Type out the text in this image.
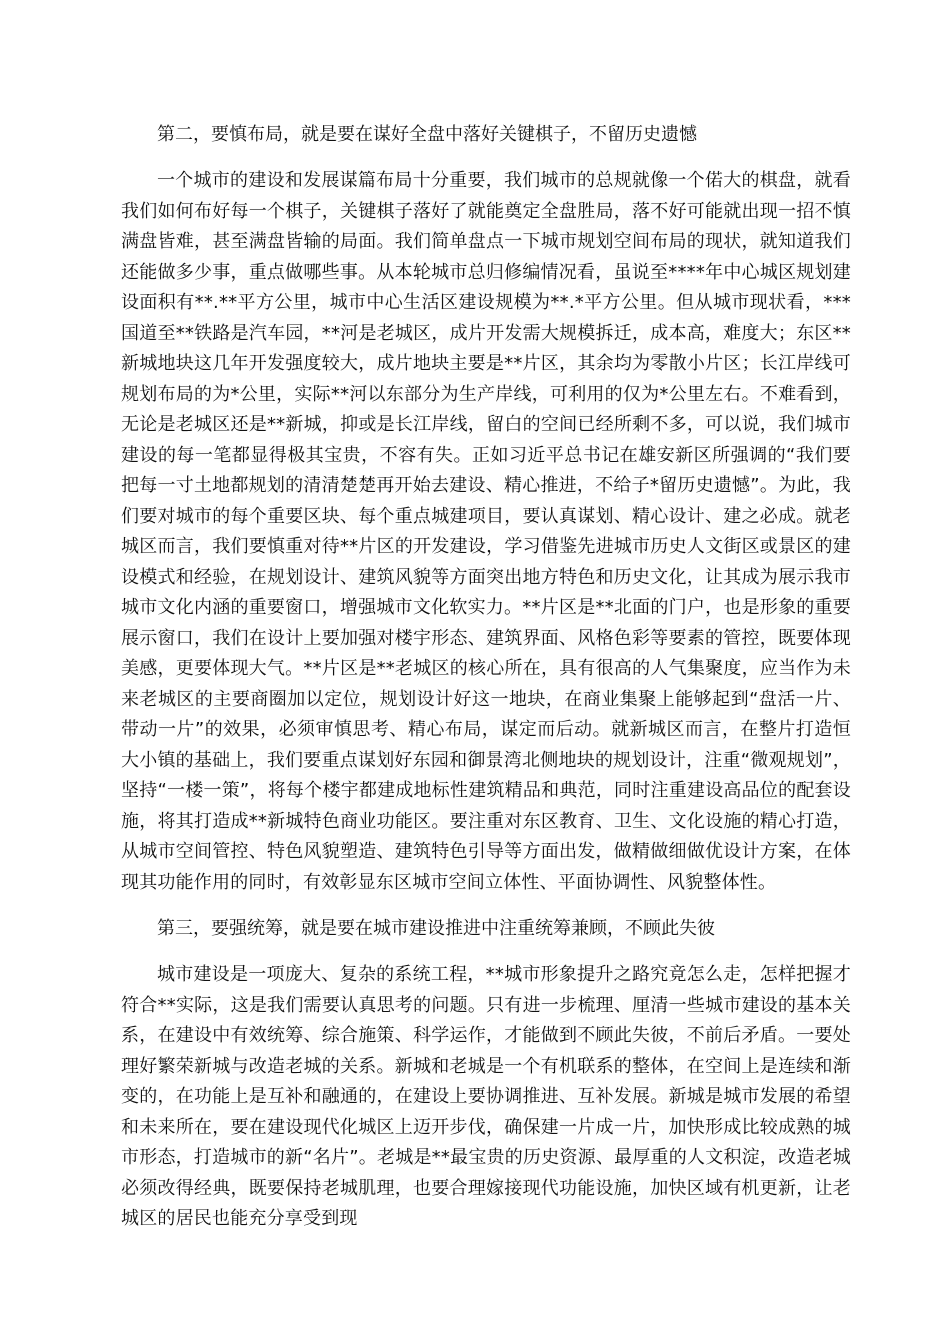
第二，要慎布局，就是要在谋好全盘中落好关键棋子，不留历史遗憾

一个城市的建设和发展谋篇布局十分重要，我们城市的总规就像一个偌大的棋盘，就看我们如何布好每一个棋子，关键棋子落好了就能奠定全盘胜局，落不好可能就出现一招不慎满盘皆难，甚至满盘皆输的局面。我们简单盘点一下城市规划空间布局的现状，就知道我们还能做多少事，重点做哪些事。从本轮城市总归修编情况看，虽说至****年中心城区规划建设面积有**.**平方公里，城市中心生活区建设规模为**.*平方公里。但从城市现状看，***国道至**铁路是汽车园，**河是老城区，成片开发需大规模拆迁，成本高，难度大；东区**新城地块这几年开发强度较大，成片地块主要是**片区，其余均为零散小片区；长江岸线可规划布局的为*公里，实际**河以东部分为生产岸线，可利用的仅为*公里左右。不难看到，无论是老城区还是**新城，抑或是长江岸线，留白的空间已经所剩不多，可以说，我们城市建设的每一笔都显得极其宝贵，不容有失。正如习近平总书记在雄安新区所强调的“我们要把每一寸土地都规划的清清楚楚再开始去建设、精心推进，不给子*留历史遗憾”。为此，我们要对城市的每个重要区块、每个重点城建项目，要认真谋划、精心设计、建之必成。就老城区而言，我们要慎重对待**片区的开发建设，学习借鉴先进城市历史人文街区或景区的建设模式和经验，在规划设计、建筑风貌等方面突出地方特色和历史文化，让其成为展示我市城市文化内涵的重要窗口，增强城市文化软实力。**片区是**北面的门户，也是形象的重要展示窗口，我们在设计上要加强对楼宇形态、建筑界面、风格色彩等要素的管控，既要体现美感，更要体现大气。**片区是**老城区的核心所在，具有很高的人气集聚度，应当作为未来老城区的主要商圈加以定位，规划设计好这一地块，在商业集聚上能够起到“盘活一片、带动一片”的效果，必须审慎思考、精心布局，谋定而后动。就新城区而言，在整片打造恒大小镇的基础上，我们要重点谋划好东园和御景湾北侧地块的规划设计，注重“微观规划”，坚持“一楼一策”，将每个楼宇都建成地标性建筑精品和典范，同时注重建设高品位的配套设施，将其打造成**新城特色商业功能区。要注重对东区教育、卫生、文化设施的精心打造，从城市空间管控、特色风貌塑造、建筑特色引导等方面出发，做精做细做优设计方案，在体现其功能作用的同时，有效彰显东区城市空间立体性、平面协调性、风貌整体性。

第三，要强统筹，就是要在城市建设推进中注重统筹兼顾，不顾此失彼

城市建设是一项庞大、复杂的系统工程，**城市形象提升之路究竟怎么走，怎样把握才符合**实际，这是我们需要认真思考的问题。只有进一步梳理、厘清一些城市建设的基本关系，在建设中有效统筹、综合施策、科学运作，才能做到不顾此失彼，不前后矛盾。一要处理好繁荣新城与改造老城的关系。新城和老城是一个有机联系的整体，在空间上是连续和渐变的，在功能上是互补和融通的，在建设上要协调推进、互补发展。新城是城市发展的希望和未来所在，要在建设现代化城区上迈开步伐，确保建一片成一片，加快形成比较成熟的城市形态，打造城市的新“名片”。老城是**最宝贵的历史资源、最厚重的人文积淀，改造老城必须改得经典，既要保持老城肌理，也要合理嫁接现代功能设施，加快区域有机更新，让老城区的居民也能充分享受到现
